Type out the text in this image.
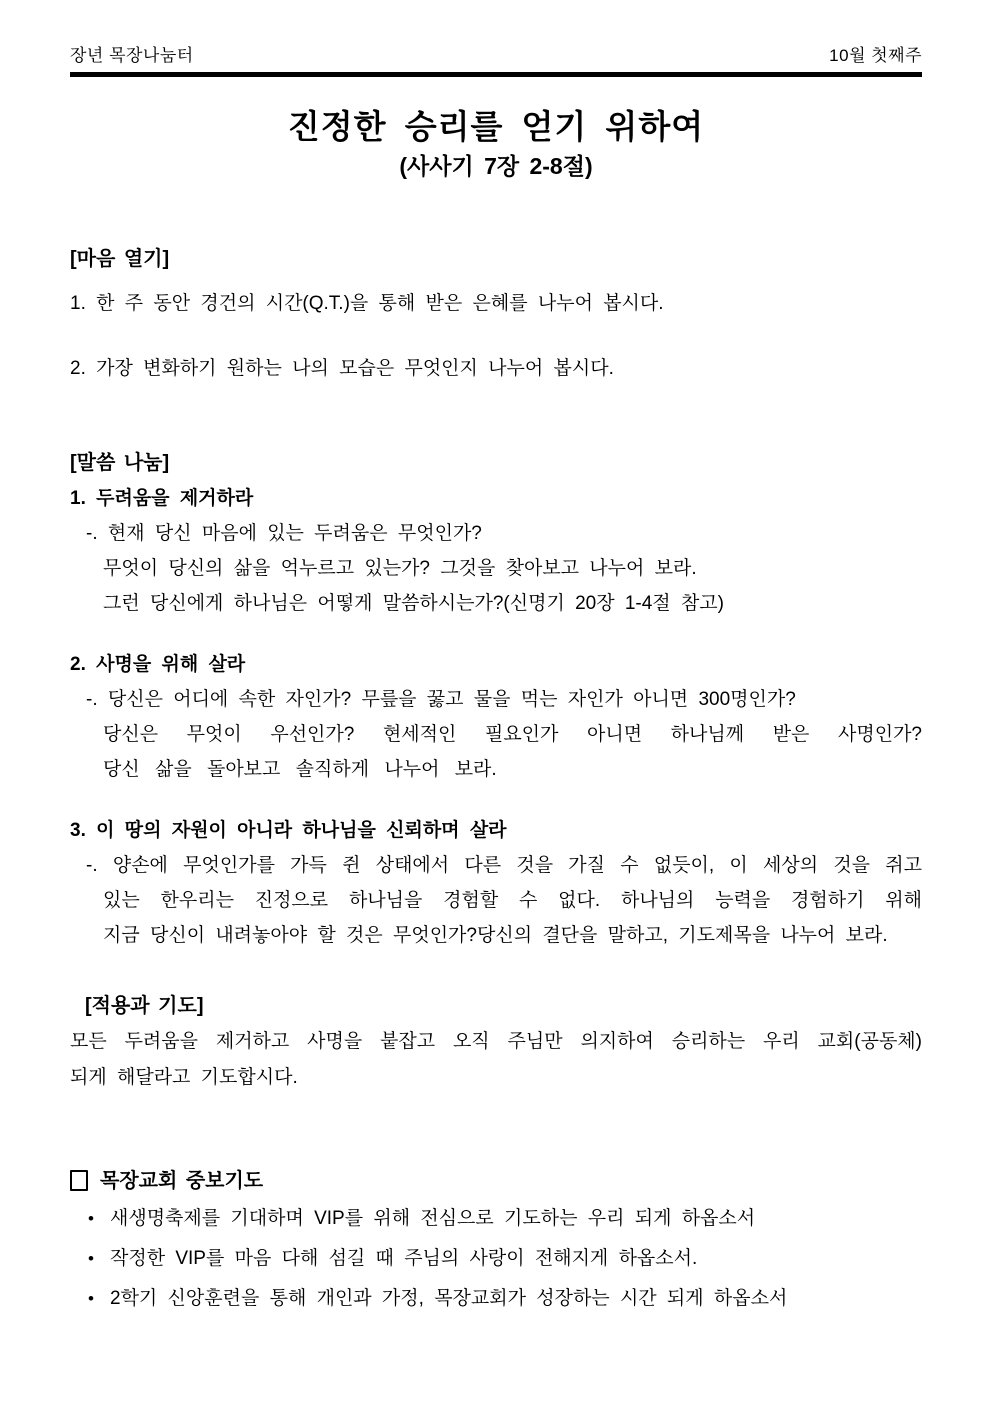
장년 목장나눔터	10월 첫째주
진정한 승리를 얻기 위하여
(사사기 7장 2-8절)
[마음 열기]
1. 한 주 동안 경건의 시간(Q.T.)을 통해 받은 은혜를 나누어 봅시다.
2. 가장 변화하기 원하는 나의 모습은 무엇인지 나누어 봅시다.
[말씀 나눔]
1. 두려움을 제거하라
-. 현재 당신 마음에 있는 두려움은 무엇인가?
무엇이 당신의 삶을 억누르고 있는가? 그것을 찾아보고 나누어 보라.
그런 당신에게 하나님은 어떻게 말씀하시는가?(신명기 20장 1-4절 참고)
2. 사명을 위해 살라
-. 당신은 어디에 속한 자인가? 무릎을 꿇고 물을 먹는 자인가 아니면 300명인가?
당신은 무엇이 우선인가? 현세적인 필요인가 아니면 하나님께 받은 사명인가?
당신 삶을 돌아보고 솔직하게 나누어 보라.
3. 이 땅의 자원이 아니라 하나님을 신뢰하며 살라
-. 양손에 무엇인가를 가득 쥔 상태에서 다른 것을 가질 수 없듯이, 이 세상의 것을 쥐고
있는 한우리는 진정으로 하나님을 경험할 수 없다. 하나님의 능력을 경험하기 위해
지금 당신이 내려놓아야 할 것은 무엇인가?당신의 결단을 말하고, 기도제목을 나누어 보라.
[적용과 기도]
모든 두려움을 제거하고 사명을 붙잡고 오직 주님만 의지하여 승리하는 우리 교회(공동체)
되게 해달라고 기도합시다.
목장교회 중보기도
• 새생명축제를 기대하며 VIP를 위해 전심으로 기도하는 우리 되게 하옵소서
• 작정한 VIP를 마음 다해 섬길 때 주님의 사랑이 전해지게 하옵소서.
• 2학기 신앙훈련을 통해 개인과 가정, 목장교회가 성장하는 시간 되게 하옵소서
